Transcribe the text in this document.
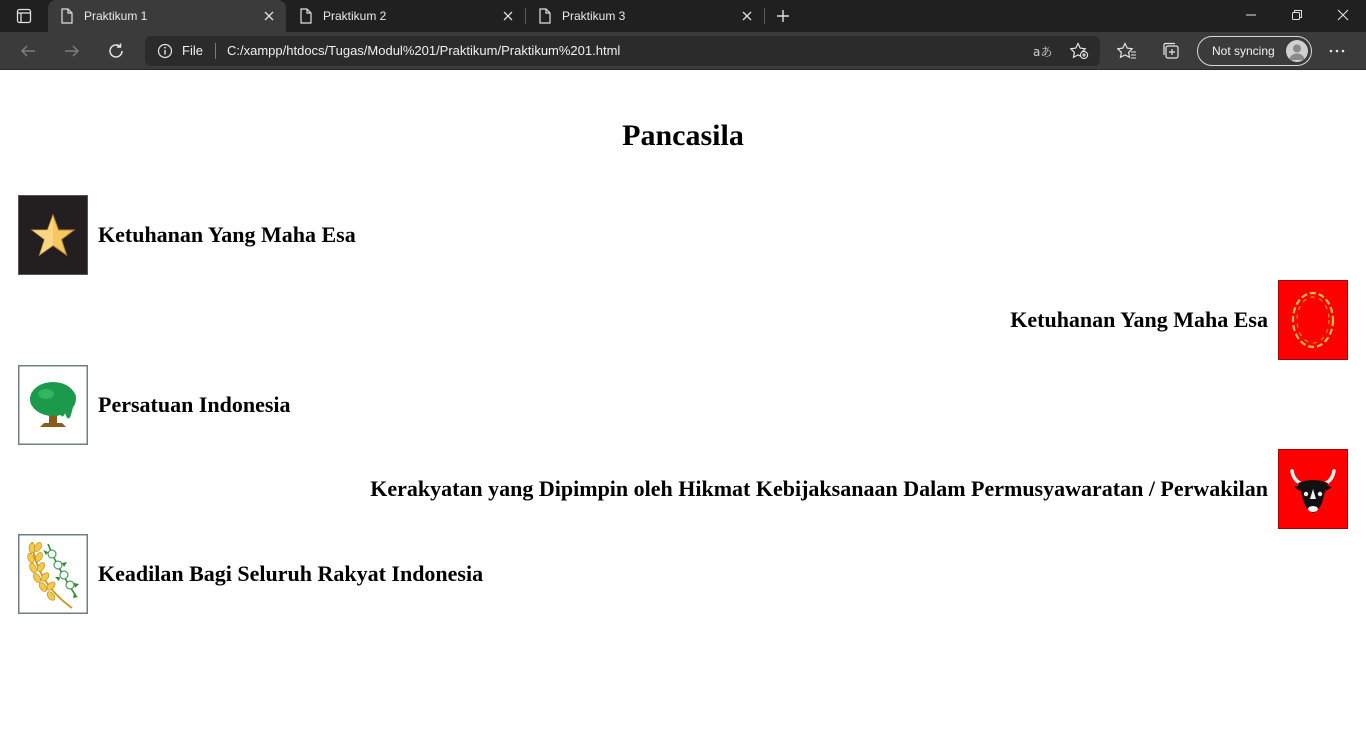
Praktikum 1	Praktikum 2	Praktikum 3
File C:/xampp/htdocs/Tugas/Modul%201/Praktikum/Praktikum%201.html	aあ	Not syncing
Pancasila
Ketuhanan Yang Maha Esa
Ketuhanan Yang Maha Esa
Persatuan Indonesia
Kerakyatan yang Dipimpin oleh Hikmat Kebijaksanaan Dalam Permusyawaratan / Perwakilan
Keadilan Bagi Seluruh Rakyat Indonesia
